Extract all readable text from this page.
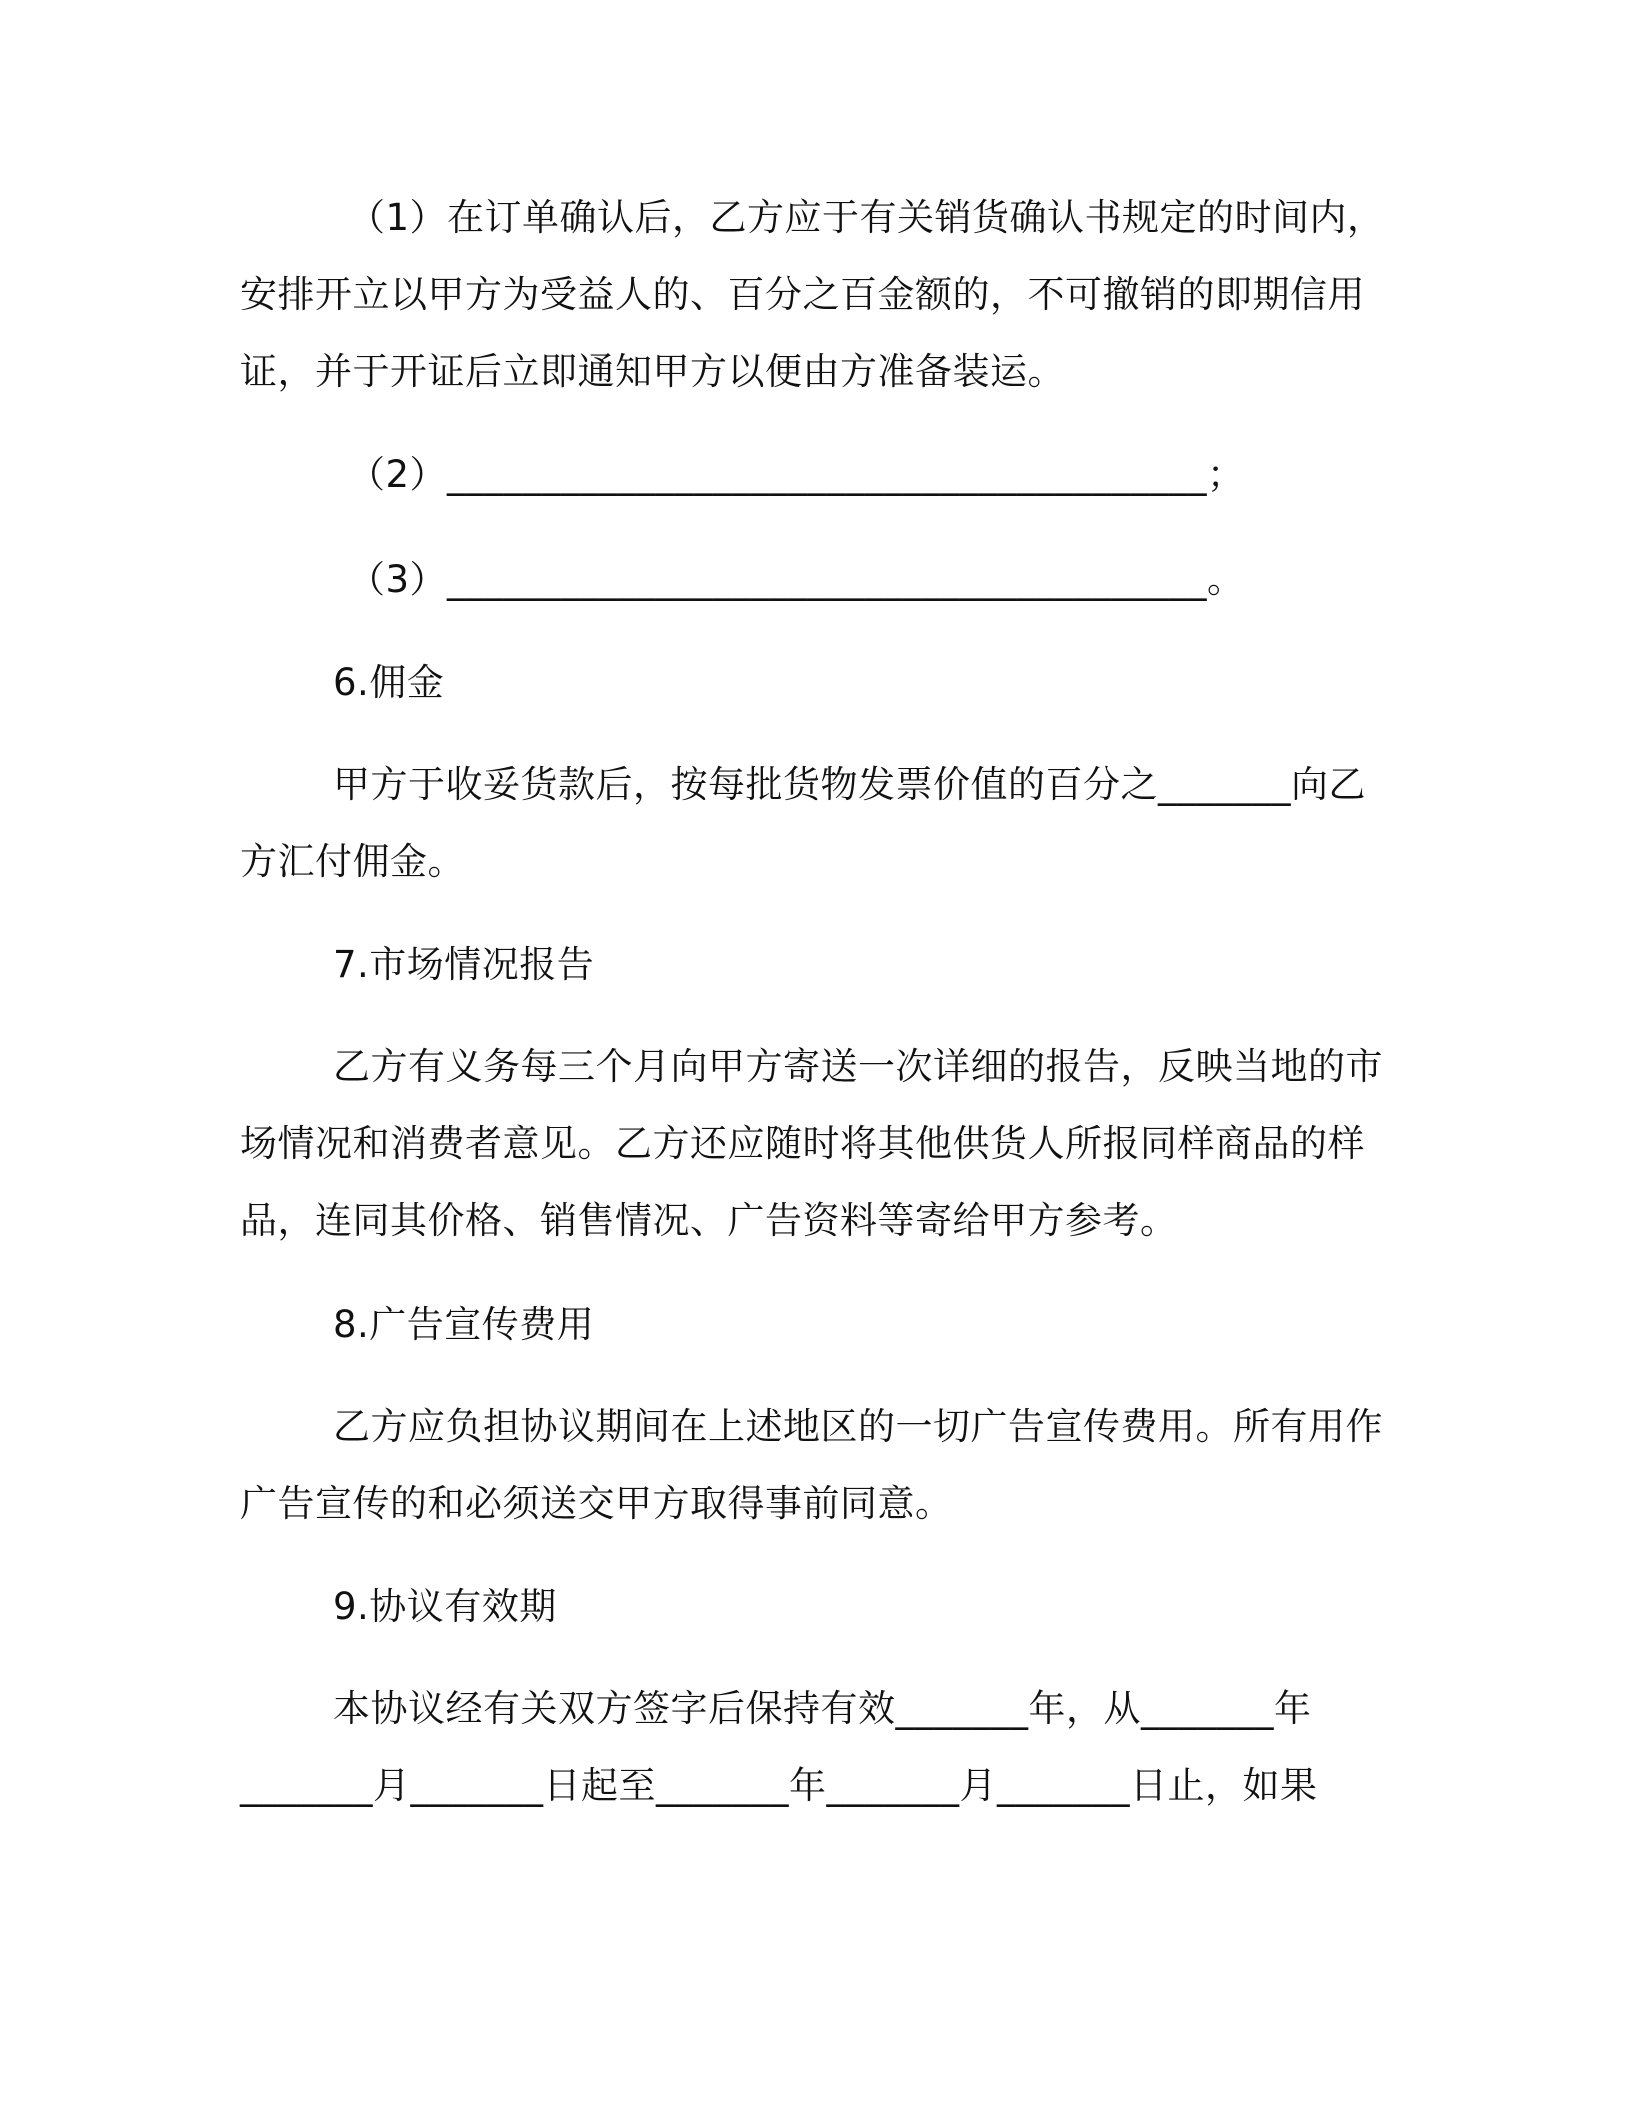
（1）在订单确认后，乙方应于有关销货确认书规定的时间内，

安排开立以甲方为受益人的、百分之百金额的，不可撤销的即期信用

证，并于开证后立即通知甲方以便由方准备装运。

（2）________________________________________；

（3）________________________________________。

6.佣金

甲方于收妥货款后，按每批货物发票价值的百分之_______向乙

方汇付佣金。

7.市场情况报告

乙方有义务每三个月向甲方寄送一次详细的报告，反映当地的市

场情况和消费者意见。乙方还应随时将其他供货人所报同样商品的样

品，连同其价格、销售情况、广告资料等寄给甲方参考。

8.广告宣传费用

乙方应负担协议期间在上述地区的一切广告宣传费用。所有用作

广告宣传的和必须送交甲方取得事前同意。

9.协议有效期

本协议经有关双方签字后保持有效_______年，从_______年

_______月_______日起至_______年_______月_______日止，如果
